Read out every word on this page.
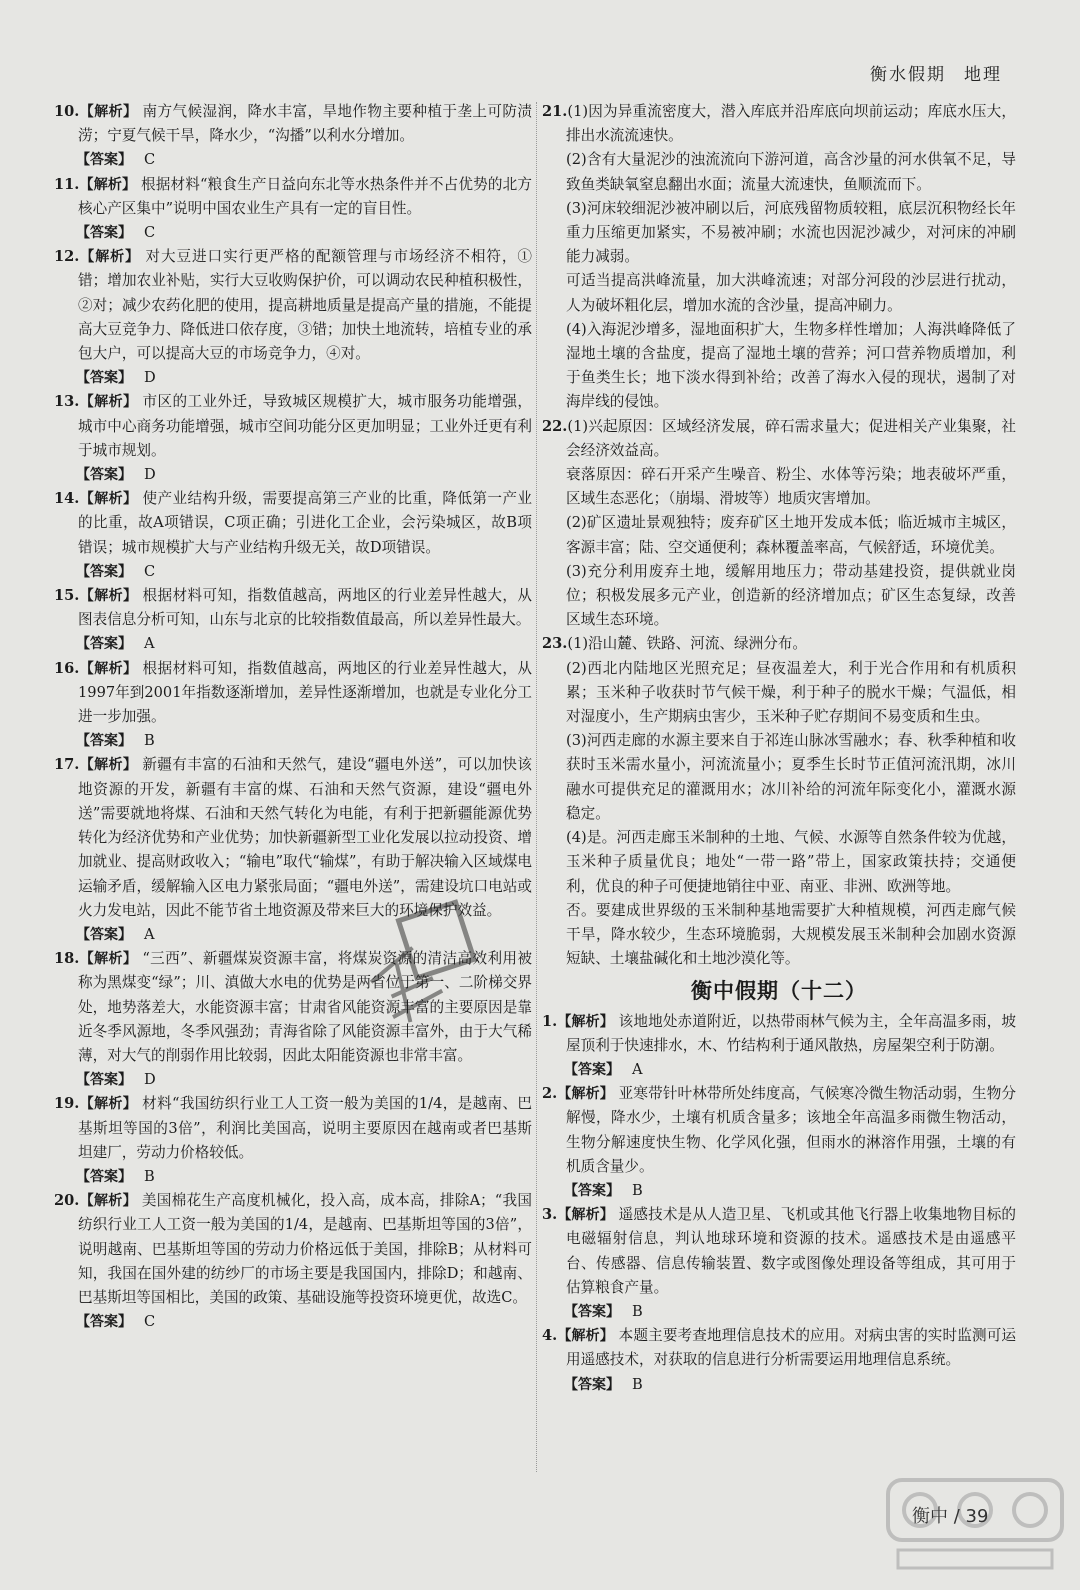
衡水假期 地理

10.【解析】 南方气候湿润，降水丰富，旱地作物主要种植于垄上可防渍涝；宁夏气候干旱，降水少，“沟播”以利水分增加。

【答案】 C

11.【解析】 根据材料“粮食生产日益向东北等水热条件并不占优势的北方核心产区集中”说明中国农业生产具有一定的盲目性。

【答案】 C

12.【解析】 对大豆进口实行更严格的配额管理与市场经济不相符，①错；增加农业补贴，实行大豆收购保护价，可以调动农民种植积极性，②对；减少农药化肥的使用，提高耕地质量是提高产量的措施，不能提高大豆竞争力、降低进口依存度，③错；加快土地流转，培植专业的承包大户，可以提高大豆的市场竞争力，④对。

【答案】 D

13.【解析】 市区的工业外迁，导致城区规模扩大，城市服务功能增强，城市中心商务功能增强，城市空间功能分区更加明显；工业外迁更有利于城市规划。

【答案】 D

14.【解析】 使产业结构升级，需要提高第三产业的比重，降低第一产业的比重，故A项错误，C项正确；引进化工企业，会污染城区，故B项错误；城市规模扩大与产业结构升级无关，故D项错误。

【答案】 C

15.【解析】 根据材料可知，指数值越高，两地区的行业差异性越大，从图表信息分析可知，山东与北京的比较指数值最高，所以差异性最大。

【答案】 A

16.【解析】 根据材料可知，指数值越高，两地区的行业差异性越大，从1997年到2001年指数逐渐增加，差异性逐渐增加，也就是专业化分工进一步加强。

【答案】 B

17.【解析】 新疆有丰富的石油和天然气，建设“疆电外送”，可以加快该地资源的开发，新疆有丰富的煤、石油和天然气资源，建设“疆电外送”需要就地将煤、石油和天然气转化为电能，有利于把新疆能源优势转化为经济优势和产业优势；加快新疆新型工业化发展以拉动投资、增加就业、提高财政收入；“输电”取代“输煤”，有助于解决输入区域煤电运输矛盾，缓解输入区电力紧张局面；“疆电外送”，需建设坑口电站或火力发电站，因此不能节省土地资源及带来巨大的环境保护效益。

【答案】 A

18.【解析】 “三西”、新疆煤炭资源丰富，将煤炭资源的清洁高效利用被称为黑煤变“绿”；川、滇做大水电的优势是两省位于第一、二阶梯交界处，地势落差大，水能资源丰富；甘肃省风能资源丰富的主要原因是靠近冬季风源地，冬季风强劲；青海省除了风能资源丰富外，由于大气稀薄，对大气的削弱作用比较弱，因此太阳能资源也非常丰富。

【答案】 D

19.【解析】 材料“我国纺织行业工人工资一般为美国的1/4，是越南、巴基斯坦等国的3倍”，利润比美国高，说明主要原因在越南或者巴基斯坦建厂，劳动力价格较低。

【答案】 B

20.【解析】 美国棉花生产高度机械化，投入高，成本高，排除A；“我国纺织行业工人工资一般为美国的1/4，是越南、巴基斯坦等国的3倍”，说明越南、巴基斯坦等国的劳动力价格远低于美国，排除B；从材料可知，我国在国外建的纺纱厂的市场主要是我国国内，排除D；和越南、巴基斯坦等国相比，美国的政策、基础设施等投资环境更优，故选C。

【答案】 C

21.(1)因为异重流密度大，潜入库底并沿库底向坝前运动；库底水压大，排出水流流速快。

(2)含有大量泥沙的浊流流向下游河道，高含沙量的河水供氧不足，导致鱼类缺氧窒息翻出水面；流量大流速快，鱼顺流而下。

(3)河床较细泥沙被冲刷以后，河底残留物质较粗，底层沉积物经长年重力压缩更加紧实，不易被冲刷；水流也因泥沙减少，对河床的冲刷能力减弱。

可适当提高洪峰流量，加大洪峰流速；对部分河段的沙层进行扰动，人为破坏粗化层，增加水流的含沙量，提高冲刷力。

(4)入海泥沙增多，湿地面积扩大，生物多样性增加；人海洪峰降低了湿地土壤的含盐度，提高了湿地土壤的营养；河口营养物质增加，利于鱼类生长；地下淡水得到补给；改善了海水入侵的现状，遏制了对海岸线的侵蚀。

22.(1)兴起原因：区域经济发展，碎石需求量大；促进相关产业集聚，社会经济效益高。

衰落原因：碎石开采产生噪音、粉尘、水体等污染；地表破坏严重，区域生态恶化；（崩塌、滑坡等）地质灾害增加。

(2)矿区遗址景观独特；废弃矿区土地开发成本低；临近城市主城区，客源丰富；陆、空交通便利；森林覆盖率高，气候舒适，环境优美。

(3)充分利用废弃土地，缓解用地压力；带动基建投资，提供就业岗位；积极发展多元产业，创造新的经济增加点；矿区生态复绿，改善区域生态环境。

23.(1)沿山麓、铁路、河流、绿洲分布。

(2)西北内陆地区光照充足；昼夜温差大，利于光合作用和有机质积累；玉米种子收获时节气候干燥，利于种子的脱水干燥；气温低，相对湿度小，生产期病虫害少，玉米种子贮存期间不易变质和生虫。

(3)河西走廊的水源主要来自于祁连山脉冰雪融水；春、秋季种植和收获时玉米需水量小，河流流量小；夏季生长时节正值河流汛期，冰川融水可提供充足的灌溉用水；冰川补给的河流年际变化小，灌溉水源稳定。

(4)是。河西走廊玉米制种的土地、气候、水源等自然条件较为优越，玉米种子质量优良；地处“一带一路”带上，国家政策扶持；交通便利，优良的种子可便捷地销往中亚、南亚、非洲、欧洲等地。

否。要建成世界级的玉米制种基地需要扩大种植规模，河西走廊气候干旱，降水较少，生态环境脆弱，大规模发展玉米制种会加剧水资源短缺、土壤盐碱化和土地沙漠化等。

衡中假期（十二）

1.【解析】 该地地处赤道附近，以热带雨林气候为主，全年高温多雨，坡屋顶利于快速排水，木、竹结构利于通风散热，房屋架空利于防潮。

【答案】 A

2.【解析】 亚寒带针叶林带所处纬度高，气候寒冷微生物活动弱，生物分解慢，降水少，土壤有机质含量多；该地全年高温多雨微生物活动，生物分解速度快生物、化学风化强，但雨水的淋溶作用强，土壤的有机质含量少。

【答案】 B

3.【解析】 遥感技术是从人造卫星、飞机或其他飞行器上收集地物目标的电磁辐射信息，判认地球环境和资源的技术。遥感技术是由遥感平台、传感器、信息传输装置、数字或图像处理设备等组成，其可用于估算粮食产量。

【答案】 B

4.【解析】 本题主要考查地理信息技术的应用。对病虫害的实时监测可运用遥感技术，对获取的信息进行分析需要运用地理信息系统。

【答案】 B

衡中 / 39
